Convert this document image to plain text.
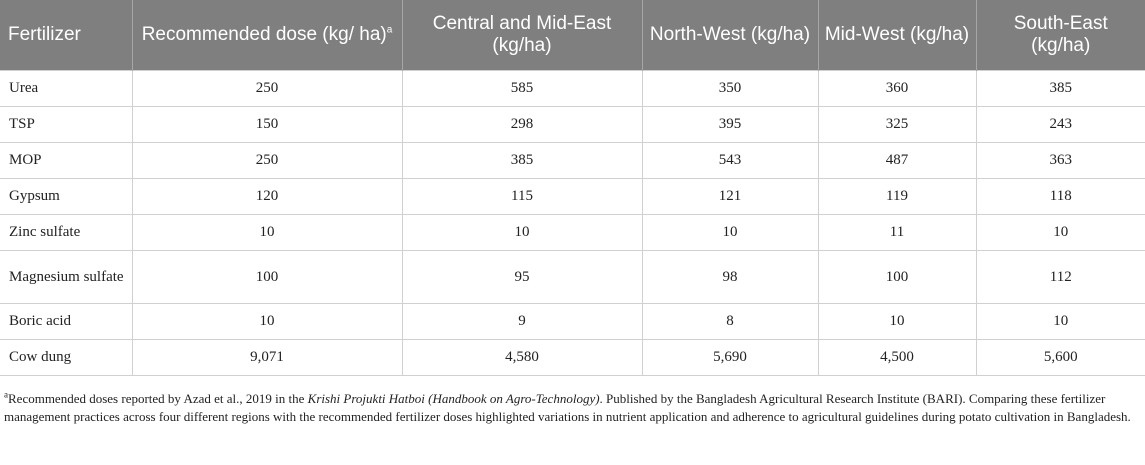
Fertilizer	Recommended dose (kg/ ha)$^a$	Central and Mid-East (kg/ha)	North-West (kg/ha)	Mid-West (kg/ha)	South-East (kg/ha)
Urea	250	585	350	360	385
TSP	150	298	395	325	243
MOP	250	385	543	487	363
Gypsum	120	115	121	119	118
Zinc sulfate	10	10	10	11	10
Magnesium sulfate	100	95	98	100	112
Boric acid	10	9	8	10	10
Cow dung	9,071	4,580	5,690	4,500	5,600
$^a$Recommended doses reported by Azad et al., 2019 in the Krishi Projukti Hatboi (Handbook on Agro-Technology). Published by the Bangladesh Agricultural Research Institute (BARI). Comparing these fertilizer management practices across four different regions with the recommended fertilizer doses highlighted variations in nutrient application and adherence to agricultural guidelines during potato cultivation in Bangladesh.
